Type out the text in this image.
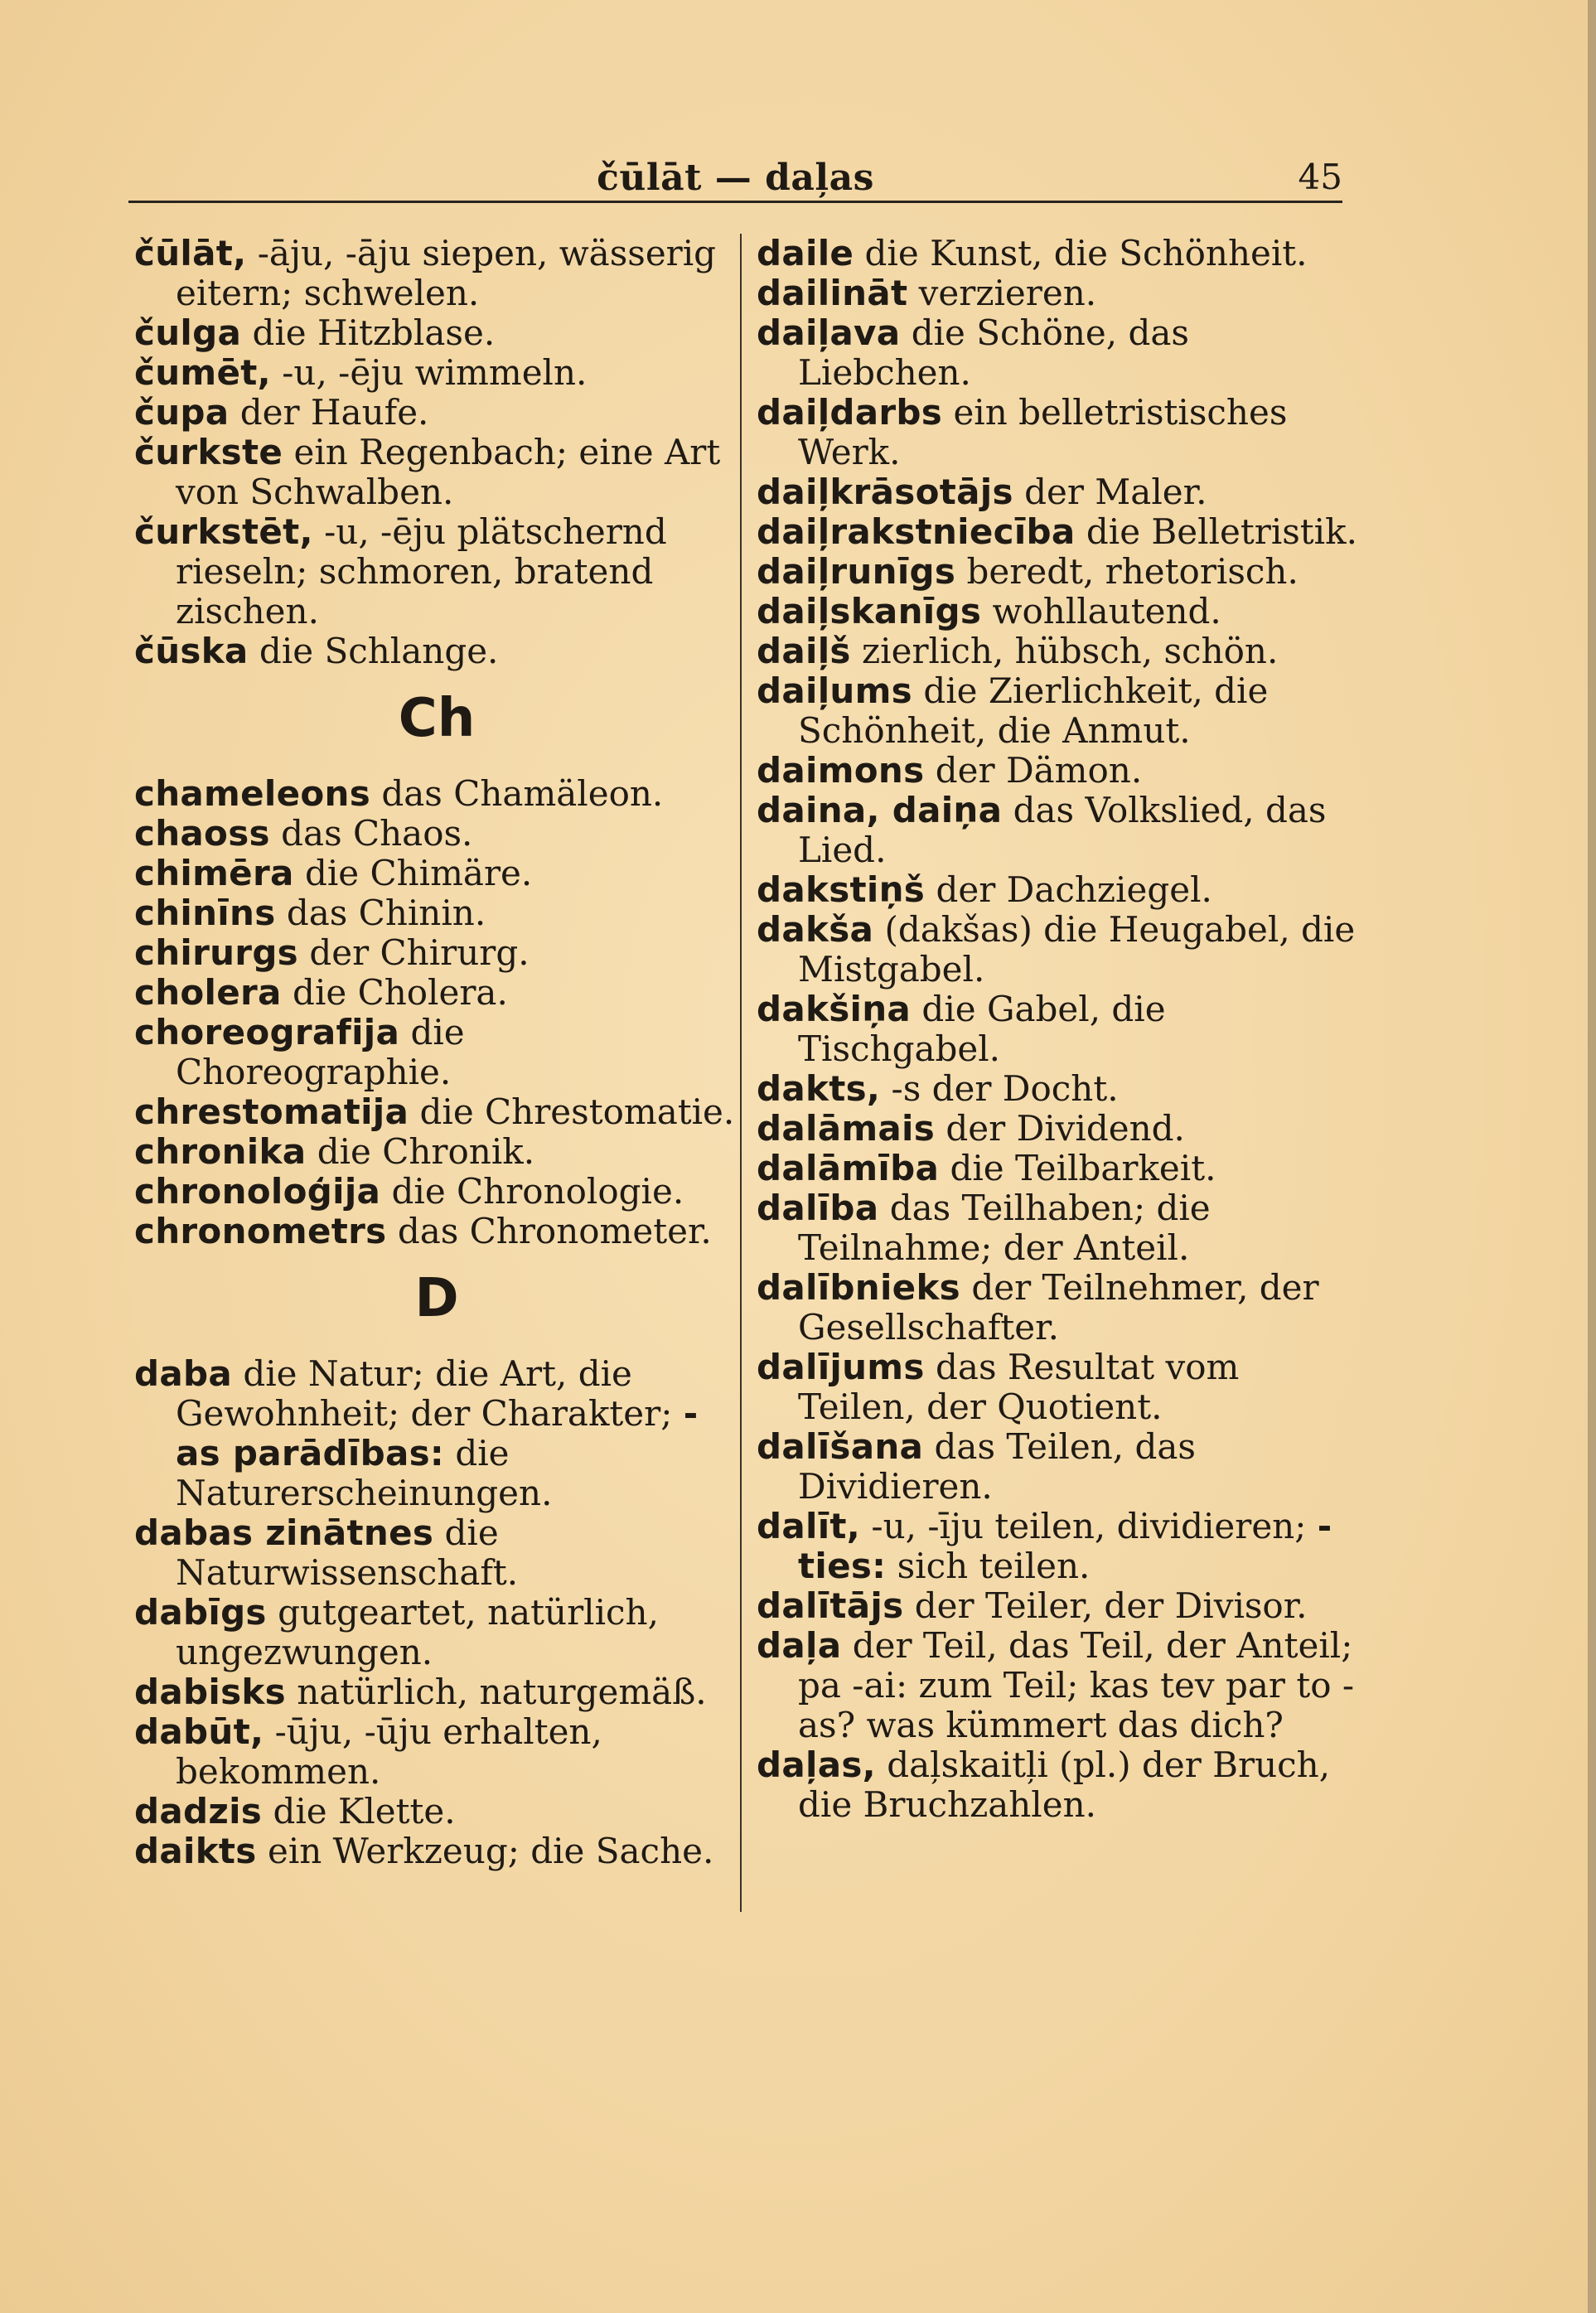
čūlāt — daļas	45
čūlāt, -āju, -āju siepen, wässerig eitern; schwelen.
čulga die Hitzblase.
čumēt, -u, -ēju wimmeln.
čupa der Haufe.
čurkste ein Regenbach; eine Art von Schwalben.
čurkstēt, -u, -ēju plätschernd rieseln; schmoren, bratend zischen.
čūska die Schlange.
Ch
chameleons das Chamäleon.
chaoss das Chaos.
chimēra die Chimäre.
chinīns das Chinin.
chirurgs der Chirurg.
cholera die Cholera.
choreografija die Choreographie.
chrestomatija die Chrestomatie.
chronika die Chronik.
chronoloģija die Chronologie.
chronometrs das Chronometer.
D
daba die Natur; die Art, die Gewohnheit; der Charakter; -as parādības: die Naturerscheinungen.
dabas zinātnes die Naturwissenschaft.
dabīgs gutgeartet, natürlich, ungezwungen.
dabisks natürlich, naturgemäß.
dabūt, -ūju, -ūju erhalten, bekommen.
dadzis die Klette.
daikts ein Werkzeug; die Sache.
daile die Kunst, die Schönheit.
dailināt verzieren.
daiļava die Schöne, das Liebchen.
daiļdarbs ein belletristisches Werk.
daiļkrāsotājs der Maler.
daiļrakstniecība die Belletristik.
daiļrunīgs beredt, rhetorisch.
daiļskanīgs wohllautend.
daiļš zierlich, hübsch, schön.
daiļums die Zierlichkeit, die Schönheit, die Anmut.
daimons der Dämon.
daina, daiņa das Volkslied, das Lied.
dakstiņš der Dachziegel.
dakša (dakšas) die Heugabel, die Mistgabel.
dakšiņa die Gabel, die Tischgabel.
dakts, -s der Docht.
dalāmais der Dividend.
dalāmība die Teilbarkeit.
dalība das Teilhaben; die Teilnahme; der Anteil.
dalībnieks der Teilnehmer, der Gesellschafter.
dalījums das Resultat vom Teilen, der Quotient.
dalīšana das Teilen, das Dividieren.
dalīt, -u, -īju teilen, dividieren; -ties: sich teilen.
dalītājs der Teiler, der Divisor.
daļa der Teil, das Teil, der Anteil; pa -ai: zum Teil; kas tev par to -as? was kümmert das dich?
daļas, daļskaitļi (pl.) der Bruch, die Bruchzahlen.
